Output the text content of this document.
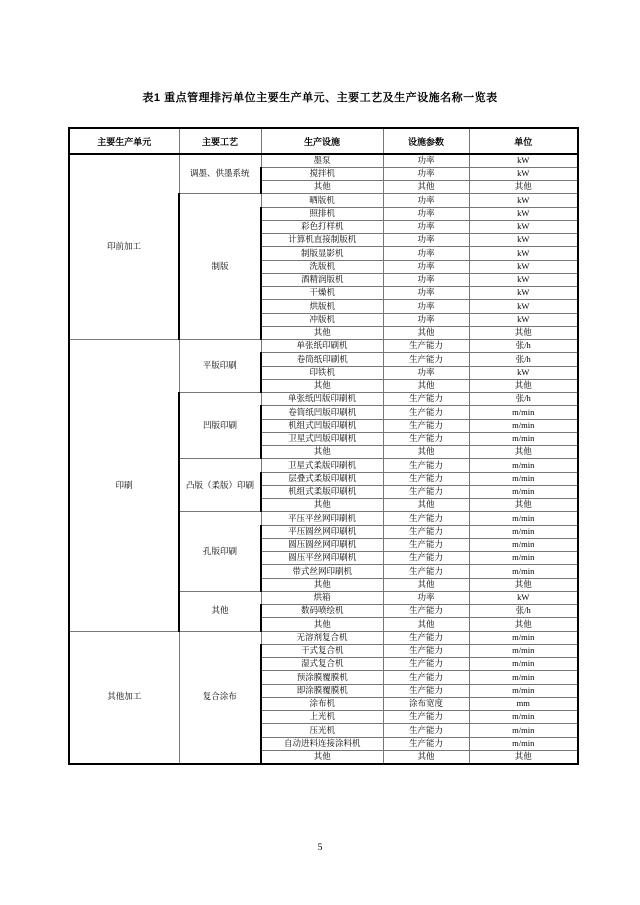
表1 重点管理排污单位主要生产单元、主要工艺及生产设施名称一览表
主要生产单元	主要工艺	生产设施	设施参数	单位
印前加工	调墨、供墨系统	墨泵	功率	kW
		搅拌机	功率	kW
		其他	其他	其他
	制版	晒版机	功率	kW
		照排机	功率	kW
		彩色打样机	功率	kW
		计算机直接制版机	功率	kW
		制版显影机	功率	kW
		洗版机	功率	kW
		酒精润版机	功率	kW
		干燥机	功率	kW
		烘版机	功率	kW
		冲版机	功率	kW
		其他	其他	其他
印刷	平版印刷	单张纸印刷机	生产能力	张/h
		卷筒纸印刷机	生产能力	张/h
		印铁机	功率	kW
		其他	其他	其他
	凹版印刷	单张纸凹版印刷机	生产能力	张/h
		卷筒纸凹版印刷机	生产能力	m/min
		机组式凹版印刷机	生产能力	m/min
		卫星式凹版印刷机	生产能力	m/min
		其他	其他	其他
	凸版（柔版）印刷	卫星式柔版印刷机	生产能力	m/min
		层叠式柔版印刷机	生产能力	m/min
		机组式柔版印刷机	生产能力	m/min
		其他	其他	其他
	孔版印刷	平压平丝网印刷机	生产能力	m/min
		平压圆丝网印刷机	生产能力	m/min
		圆压圆丝网印刷机	生产能力	m/min
		圆压平丝网印刷机	生产能力	m/min
		带式丝网印刷机	生产能力	m/min
		其他	其他	其他
	其他	烘箱	功率	kW
		数码喷绘机	生产能力	张/h
		其他	其他	其他
其他加工	复合涂布	无溶剂复合机	生产能力	m/min
		干式复合机	生产能力	m/min
		湿式复合机	生产能力	m/min
		预涂膜覆膜机	生产能力	m/min
		即涂膜覆膜机	生产能力	m/min
		涂布机	涂布宽度	mm
		上光机	生产能力	m/min
		压光机	生产能力	m/min
		自动进料连接涂料机	生产能力	m/min
		其他	其他	其他
5
